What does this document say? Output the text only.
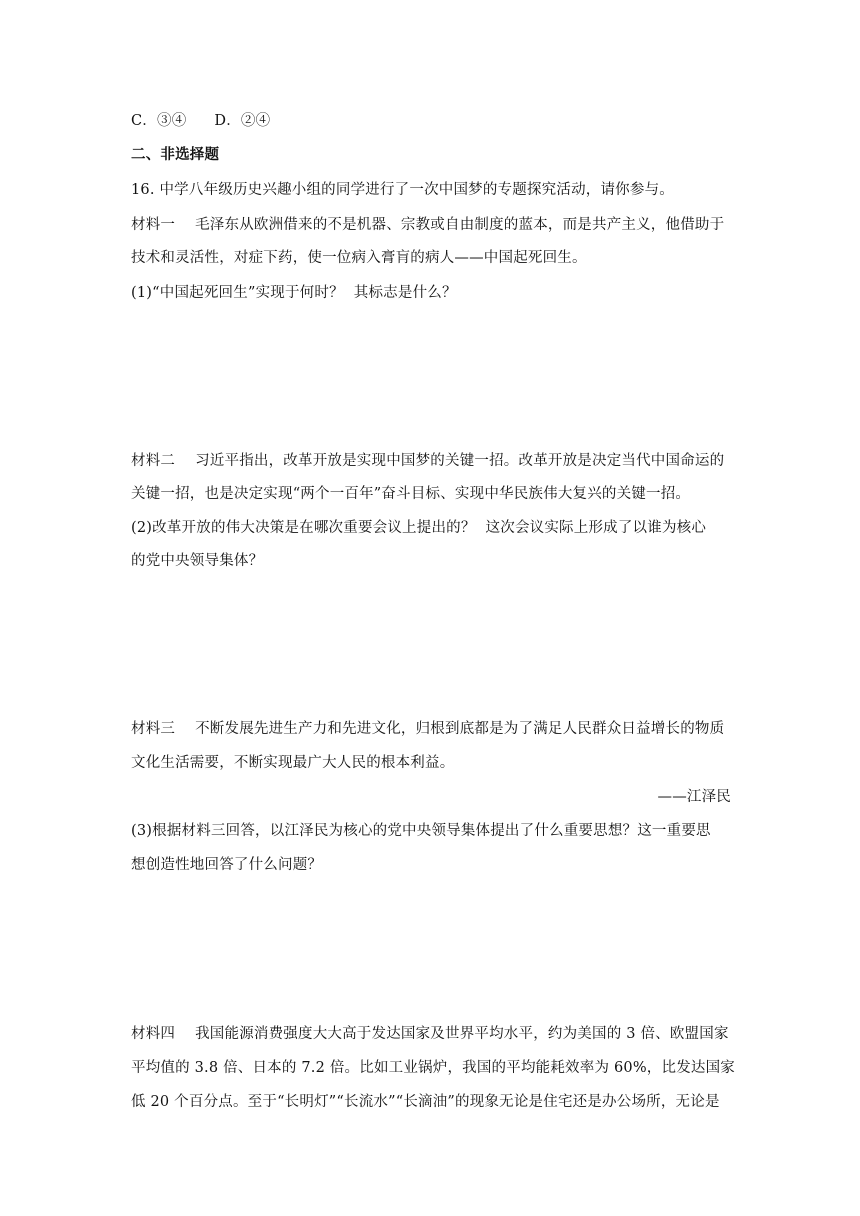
C．③④ D．②④
二、非选择题
16. 中学八年级历史兴趣小组的同学进行了一次中国梦的专题探究活动，请你参与。
材料一 毛泽东从欧洲借来的不是机器、宗教或自由制度的蓝本，而是共产主义，他借助于
技术和灵活性，对症下药，使一位病入膏肓的病人——中国起死回生。
(1)“中国起死回生”实现于何时？ 其标志是什么？
材料二 习近平指出，改革开放是实现中国梦的关键一招。改革开放是决定当代中国命运的
关键一招，也是决定实现“两个一百年”奋斗目标、实现中华民族伟大复兴的关键一招。
(2)改革开放的伟大决策是在哪次重要会议上提出的？ 这次会议实际上形成了以谁为核心
的党中央领导集体？
材料三 不断发展先进生产力和先进文化，归根到底都是为了满足人民群众日益增长的物质
文化生活需要，不断实现最广大人民的根本利益。
——江泽民
(3)根据材料三回答，以江泽民为核心的党中央领导集体提出了什么重要思想？这一重要思
想创造性地回答了什么问题？
材料四 我国能源消费强度大大高于发达国家及世界平均水平，约为美国的 3 倍、欧盟国家
平均值的 3.8 倍、日本的 7.2 倍。比如工业锅炉，我国的平均能耗效率为 60%，比发达国家
低 20 个百分点。至于“长明灯”“长流水”“长滴油”的现象无论是住宅还是办公场所，无论是
